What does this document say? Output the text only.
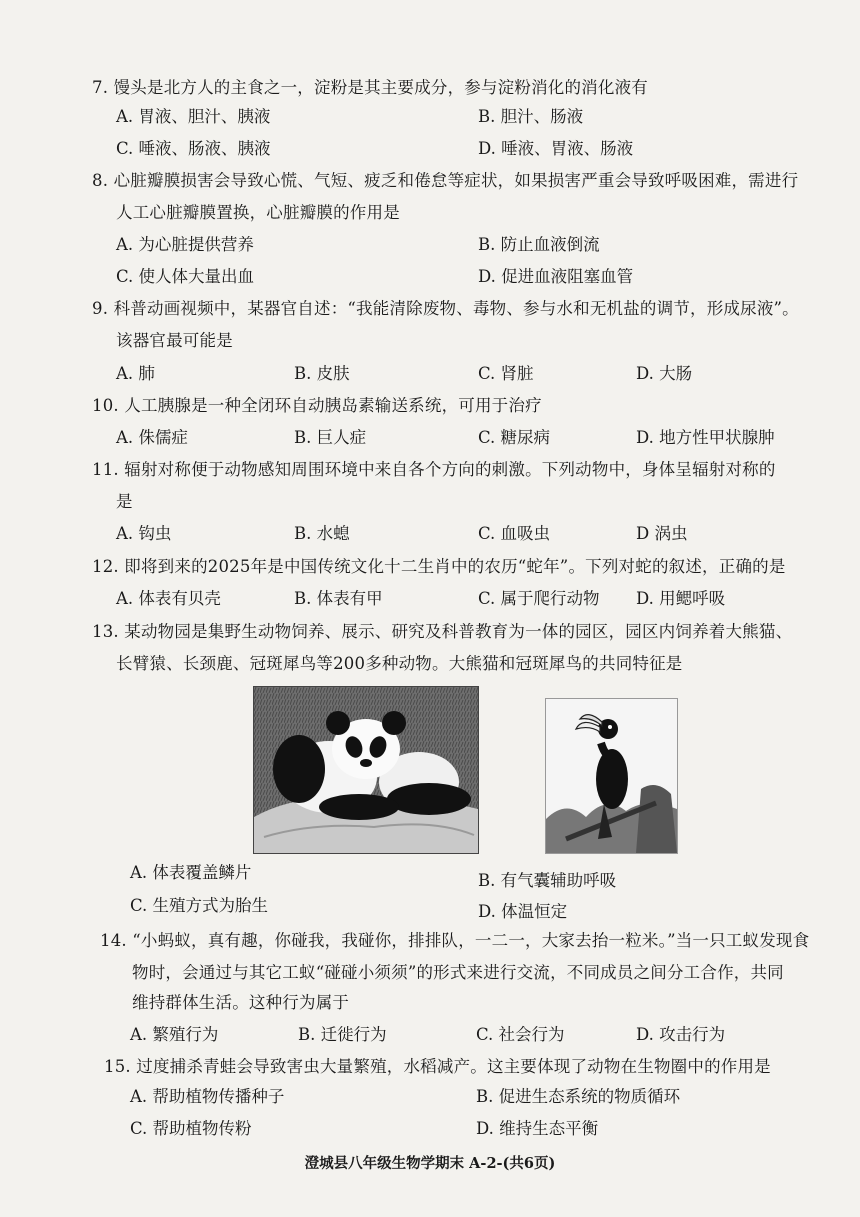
7. 馒头是北方人的主食之一，淀粉是其主要成分，参与淀粉消化的消化液有
A. 胃液、胆汁、胰液	B. 胆汁、肠液
C. 唾液、肠液、胰液	D. 唾液、胃液、肠液
8. 心脏瓣膜损害会导致心慌、气短、疲乏和倦怠等症状，如果损害严重会导致呼吸困难，需进行
人工心脏瓣膜置换，心脏瓣膜的作用是
A. 为心脏提供营养	B. 防止血液倒流
C. 使人体大量出血	D. 促进血液阻塞血管
9. 科普动画视频中，某器官自述：“我能清除废物、毒物、参与水和无机盐的调节，形成尿液”。
该器官最可能是
A. 肺	B. 皮肤	C. 肾脏	D. 大肠
10. 人工胰腺是一种全闭环自动胰岛素输送系统，可用于治疗
A. 侏儒症	B. 巨人症	C. 糖尿病	D. 地方性甲状腺肿
11. 辐射对称便于动物感知周围环境中来自各个方向的刺激。下列动物中，身体呈辐射对称的
是
A. 钩虫	B. 水螅	C. 血吸虫	D 涡虫
12. 即将到来的2025年是中国传统文化十二生肖中的农历“蛇年”。下列对蛇的叙述，正确的是
A. 体表有贝壳	B. 体表有甲	C. 属于爬行动物 D. 用鳃呼吸
13. 某动物园是集野生动物饲养、展示、研究及科普教育为一体的园区，园区内饲养着大熊猫、
长臂猿、长颈鹿、冠斑犀鸟等200多种动物。大熊猫和冠斑犀鸟的共同特征是
A. 体表覆盖鳞片	B. 有气囊辅助呼吸
C. 生殖方式为胎生	D. 体温恒定
14. “小蚂蚁，真有趣，你碰我，我碰你，排排队，一二一，大家去抬一粒米。”当一只工蚁发现食
物时，会通过与其它工蚁“碰碰小须须”的形式来进行交流，不同成员之间分工合作，共同
维持群体生活。这种行为属于
A. 繁殖行为	B. 迁徙行为	C. 社会行为	D. 攻击行为
15. 过度捕杀青蛙会导致害虫大量繁殖，水稻减产。这主要体现了动物在生物圈中的作用是
A. 帮助植物传播种子	B. 促进生态系统的物质循环
C. 帮助植物传粉	D. 维持生态平衡
澄城县八年级生物学期末 A-2-(共6页)
